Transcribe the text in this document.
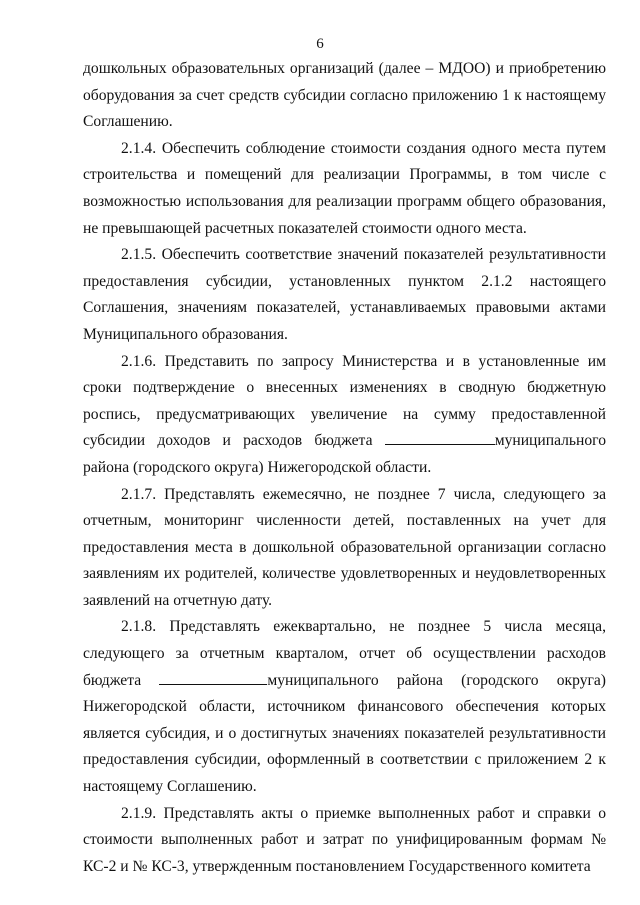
6

дошкольных образовательных организаций (далее – МДОО) и приобретению оборудования за счет средств субсидии согласно приложению 1 к настоящему Соглашению.

2.1.4. Обеспечить соблюдение стоимости создания одного места путем строительства и помещений для реализации Программы, в том числе с возможностью использования для реализации программ общего образования, не превышающей расчетных показателей стоимости одного места.

2.1.5. Обеспечить соответствие значений показателей результативности предоставления субсидии, установленных пунктом 2.1.2 настоящего Соглашения, значениям показателей, устанавливаемых правовыми актами Муниципального образования.

2.1.6. Представить по запросу Министерства и в установленные им сроки подтверждение о внесенных изменениях в сводную бюджетную роспись, предусматривающих увеличение на сумму предоставленной субсидии доходов и расходов бюджета	муниципального района (городского округа) Нижегородской области.

2.1.7. Представлять ежемесячно, не позднее 7 числа, следующего за отчетным, мониторинг численности детей, поставленных на учет для предоставления места в дошкольной образовательной организации согласно заявлениям их родителей, количестве удовлетворенных и неудовлетворенных заявлений на отчетную дату.

2.1.8. Представлять ежеквартально, не позднее 5 числа месяца, следующего за отчетным кварталом, отчет об осуществлении расходов бюджета	муниципального района (городского округа) Нижегородской области, источником финансового обеспечения которых является субсидия, и о достигнутых значениях показателей результативности предоставления субсидии, оформленный в соответствии с приложением 2 к настоящему Соглашению.

2.1.9. Представлять акты о приемке выполненных работ и справки о стоимости выполненных работ и затрат по унифицированным формам № КС-2 и № КС-3, утвержденным постановлением Государственного комитета
